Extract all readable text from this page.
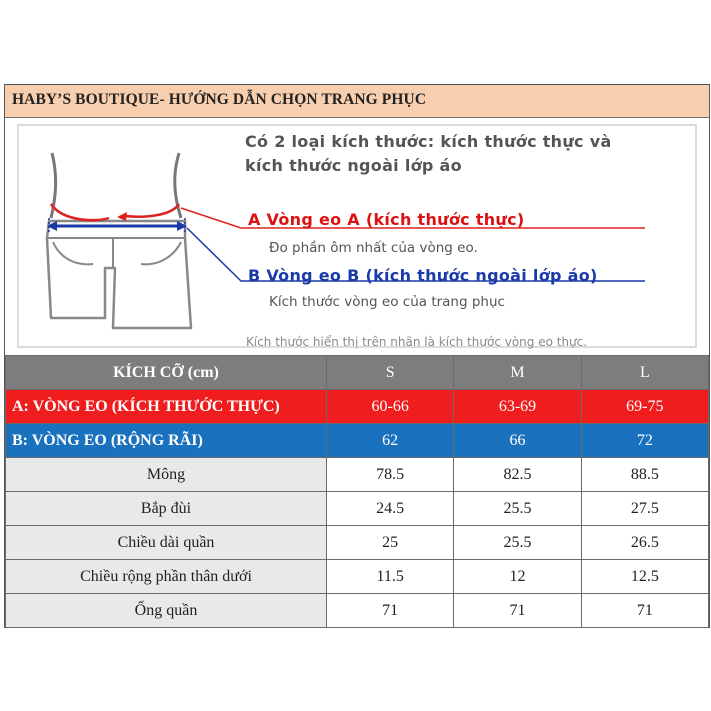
HABY’S BOUTIQUE- HƯỚNG DẪN CHỌN TRANG PHỤC
Có 2 loại kích thước: kích thước thực và
kích thước ngoài lớp áo
A Vòng eo A (kích thước thực)
Đo phần ôm nhất của vòng eo.
B Vòng eo B (kích thước ngoài lớp áo)
Kích thước vòng eo của trang phục
Kích thước hiển thị trên nhãn là kích thước vòng eo thực.
KÍCH CỠ (cm)	S	M	L
A: VÒNG EO (KÍCH THƯỚC THỰC)	60-66	63-69	69-75
B: VÒNG EO (RỘNG RÃI)	62	66	72
Mông	78.5	82.5	88.5
Bắp đùi	24.5	25.5	27.5
Chiều dài quần	25	25.5	26.5
Chiều rộng phần thân dưới	11.5	12	12.5
Ống quần	71	71	71
